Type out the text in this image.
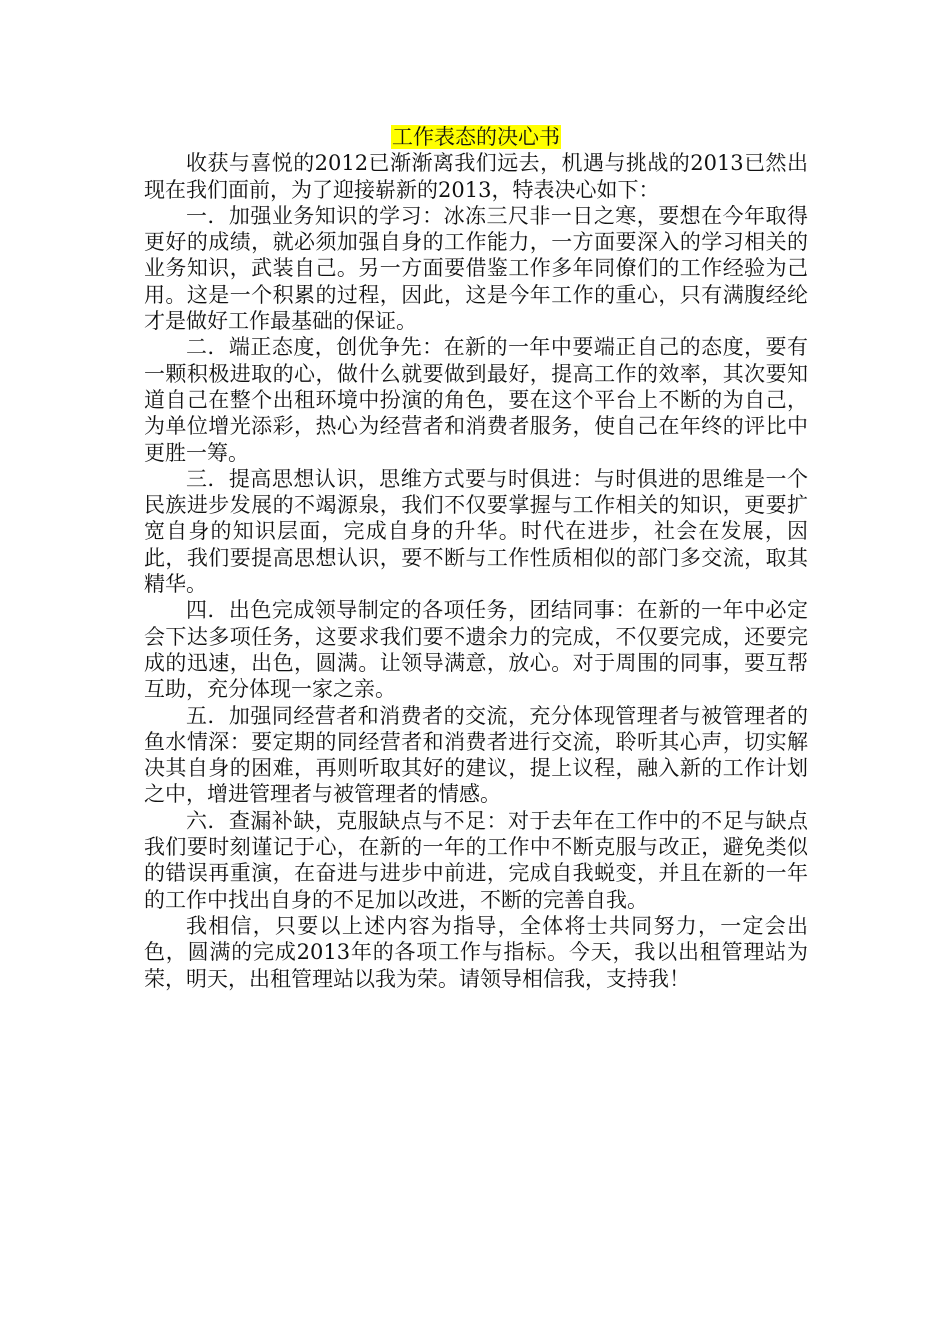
工作表态的决心书

收获与喜悦的2012已渐渐离我们远去，机遇与挑战的2013已然出现在我们面前，为了迎接崭新的2013，特表决心如下：

一．加强业务知识的学习：冰冻三尺非一日之寒，要想在今年取得更好的成绩，就必须加强自身的工作能力，一方面要深入的学习相关的业务知识，武装自己。另一方面要借鉴工作多年同僚们的工作经验为己用。这是一个积累的过程，因此，这是今年工作的重心，只有满腹经纶才是做好工作最基础的保证。

二．端正态度，创优争先：在新的一年中要端正自己的态度，要有一颗积极进取的心，做什么就要做到最好，提高工作的效率，其次要知道自己在整个出租环境中扮演的角色，要在这个平台上不断的为自己，为单位增光添彩，热心为经营者和消费者服务，使自己在年终的评比中更胜一筹。

三．提高思想认识，思维方式要与时俱进：与时俱进的思维是一个民族进步发展的不竭源泉，我们不仅要掌握与工作相关的知识，更要扩宽自身的知识层面，完成自身的升华。时代在进步，社会在发展，因此，我们要提高思想认识，要不断与工作性质相似的部门多交流，取其精华。

四．出色完成领导制定的各项任务，团结同事：在新的一年中必定会下达多项任务，这要求我们要不遗余力的完成，不仅要完成，还要完成的迅速，出色，圆满。让领导满意，放心。对于周围的同事，要互帮互助，充分体现一家之亲。

五．加强同经营者和消费者的交流，充分体现管理者与被管理者的鱼水情深：要定期的同经营者和消费者进行交流，聆听其心声，切实解决其自身的困难，再则听取其好的建议，提上议程，融入新的工作计划之中，增进管理者与被管理者的情感。

六．查漏补缺，克服缺点与不足：对于去年在工作中的不足与缺点我们要时刻谨记于心，在新的一年的工作中不断克服与改正，避免类似的错误再重演，在奋进与进步中前进，完成自我蜕变，并且在新的一年的工作中找出自身的不足加以改进，不断的完善自我。

我相信，只要以上述内容为指导，全体将士共同努力，一定会出色，圆满的完成2013年的各项工作与指标。今天，我以出租管理站为荣，明天，出租管理站以我为荣。请领导相信我，支持我！
